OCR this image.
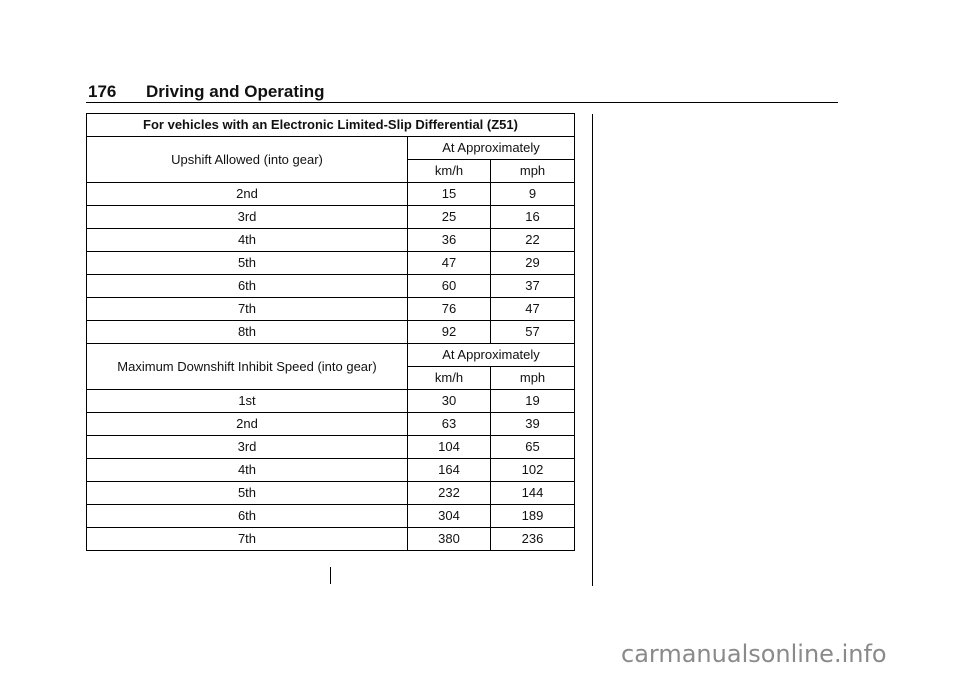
176 Driving and Operating
For vehicles with an Electronic Limited-Slip Differential (Z51)		
Upshift Allowed (into gear)	At Approximately	
	km/h	mph
2nd	15	9
3rd	25	16
4th	36	22
5th	47	29
6th	60	37
7th	76	47
8th	92	57
Maximum Downshift Inhibit Speed (into gear)	At Approximately	
	km/h	mph
1st	30	19
2nd	63	39
3rd	104	65
4th	164	102
5th	232	144
6th	304	189
7th	380	236
carmanualsonline.info
